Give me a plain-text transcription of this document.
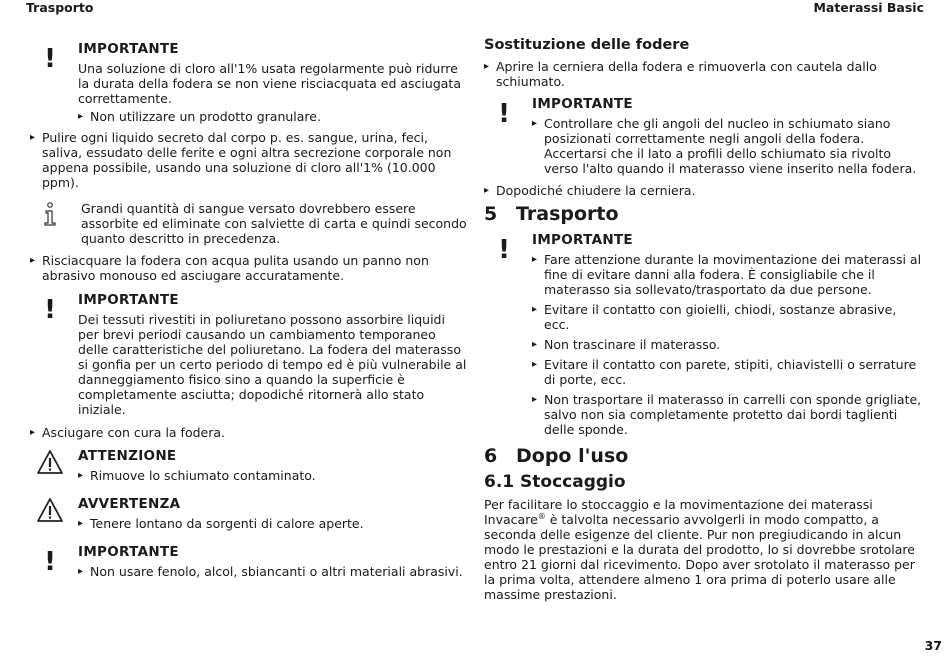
Trasporto	Materassi Basic
!	IMPORTANTE

Una soluzione di cloro all'1% usata regolarmente può ridurre la durata della fodera se non viene risciacquata ed asciugata correttamente.

▸ Non utilizzare un prodotto granulare.

▸ Pulire ogni liquido secreto dal corpo p. es. sangue, urina, feci, saliva, essudato delle ferite e ogni altra secrezione corporale non appena possibile, usando una soluzione di cloro all'1% (10.000 ppm).

Grandi quantità di sangue versato dovrebbero essere assorbite ed eliminate con salviette di carta e quindi secondo quanto descritto in precedenza.

▸ Risciacquare la fodera con acqua pulita usando un panno non abrasivo monouso ed asciugare accuratamente.

!	IMPORTANTE

Dei tessuti rivestiti in poliuretano possono assorbire liquidi per brevi periodi causando un cambiamento temporaneo delle caratteristiche del poliuretano. La fodera del materasso si gonfia per un certo periodo di tempo ed è più vulnerabile al danneggiamento fisico sino a quando la superficie è completamente asciutta; dopodiché ritornerà allo stato iniziale.

▸ Asciugare con cura la fodera.

ATTENZIONE

▸ Rimuove lo schiumato contaminato.

AVVERTENZA

▸ Tenere lontano da sorgenti di calore aperte.

!	IMPORTANTE

▸ Non usare fenolo, alcol, sbiancanti o altri materiali abrasivi.

Sostituzione delle fodere

▸ Aprire la cerniera della fodera e rimuoverla con cautela dallo schiumato.

!	IMPORTANTE

▸ Controllare che gli angoli del nucleo in schiumato siano posizionati correttamente negli angoli della fodera. Accertarsi che il lato a profili dello schiumato sia rivolto verso l'alto quando il materasso viene inserito nella fodera.

▸ Dopodiché chiudere la cerniera.

5 Trasporto
!	IMPORTANTE

▸ Fare attenzione durante la movimentazione dei materassi al fine di evitare danni alla fodera. È consigliabile che il materasso sia sollevato/trasportato da due persone.

▸ Evitare il contatto con gioielli, chiodi, sostanze abrasive, ecc.

▸ Non trascinare il materasso.

▸ Evitare il contatto con parete, stipiti, chiavistelli o serrature di porte, ecc.

▸ Non trasportare il materasso in carrelli con sponde grigliate, salvo non sia completamente protetto dai bordi taglienti delle sponde.

6 Dopo l'uso
6.1 Stoccaggio

Per facilitare lo stoccaggio e la movimentazione dei materassi Invacare® è talvolta necessario avvolgerli in modo compatto, a seconda delle esigenze del cliente. Pur non pregiudicando in alcun modo le prestazioni e la durata del prodotto, lo si dovrebbe srotolare entro 21 giorni dal ricevimento. Dopo aver srotolato il materasso per la prima volta, attendere almeno 1 ora prima di poterlo usare alle massime prestazioni.

37
